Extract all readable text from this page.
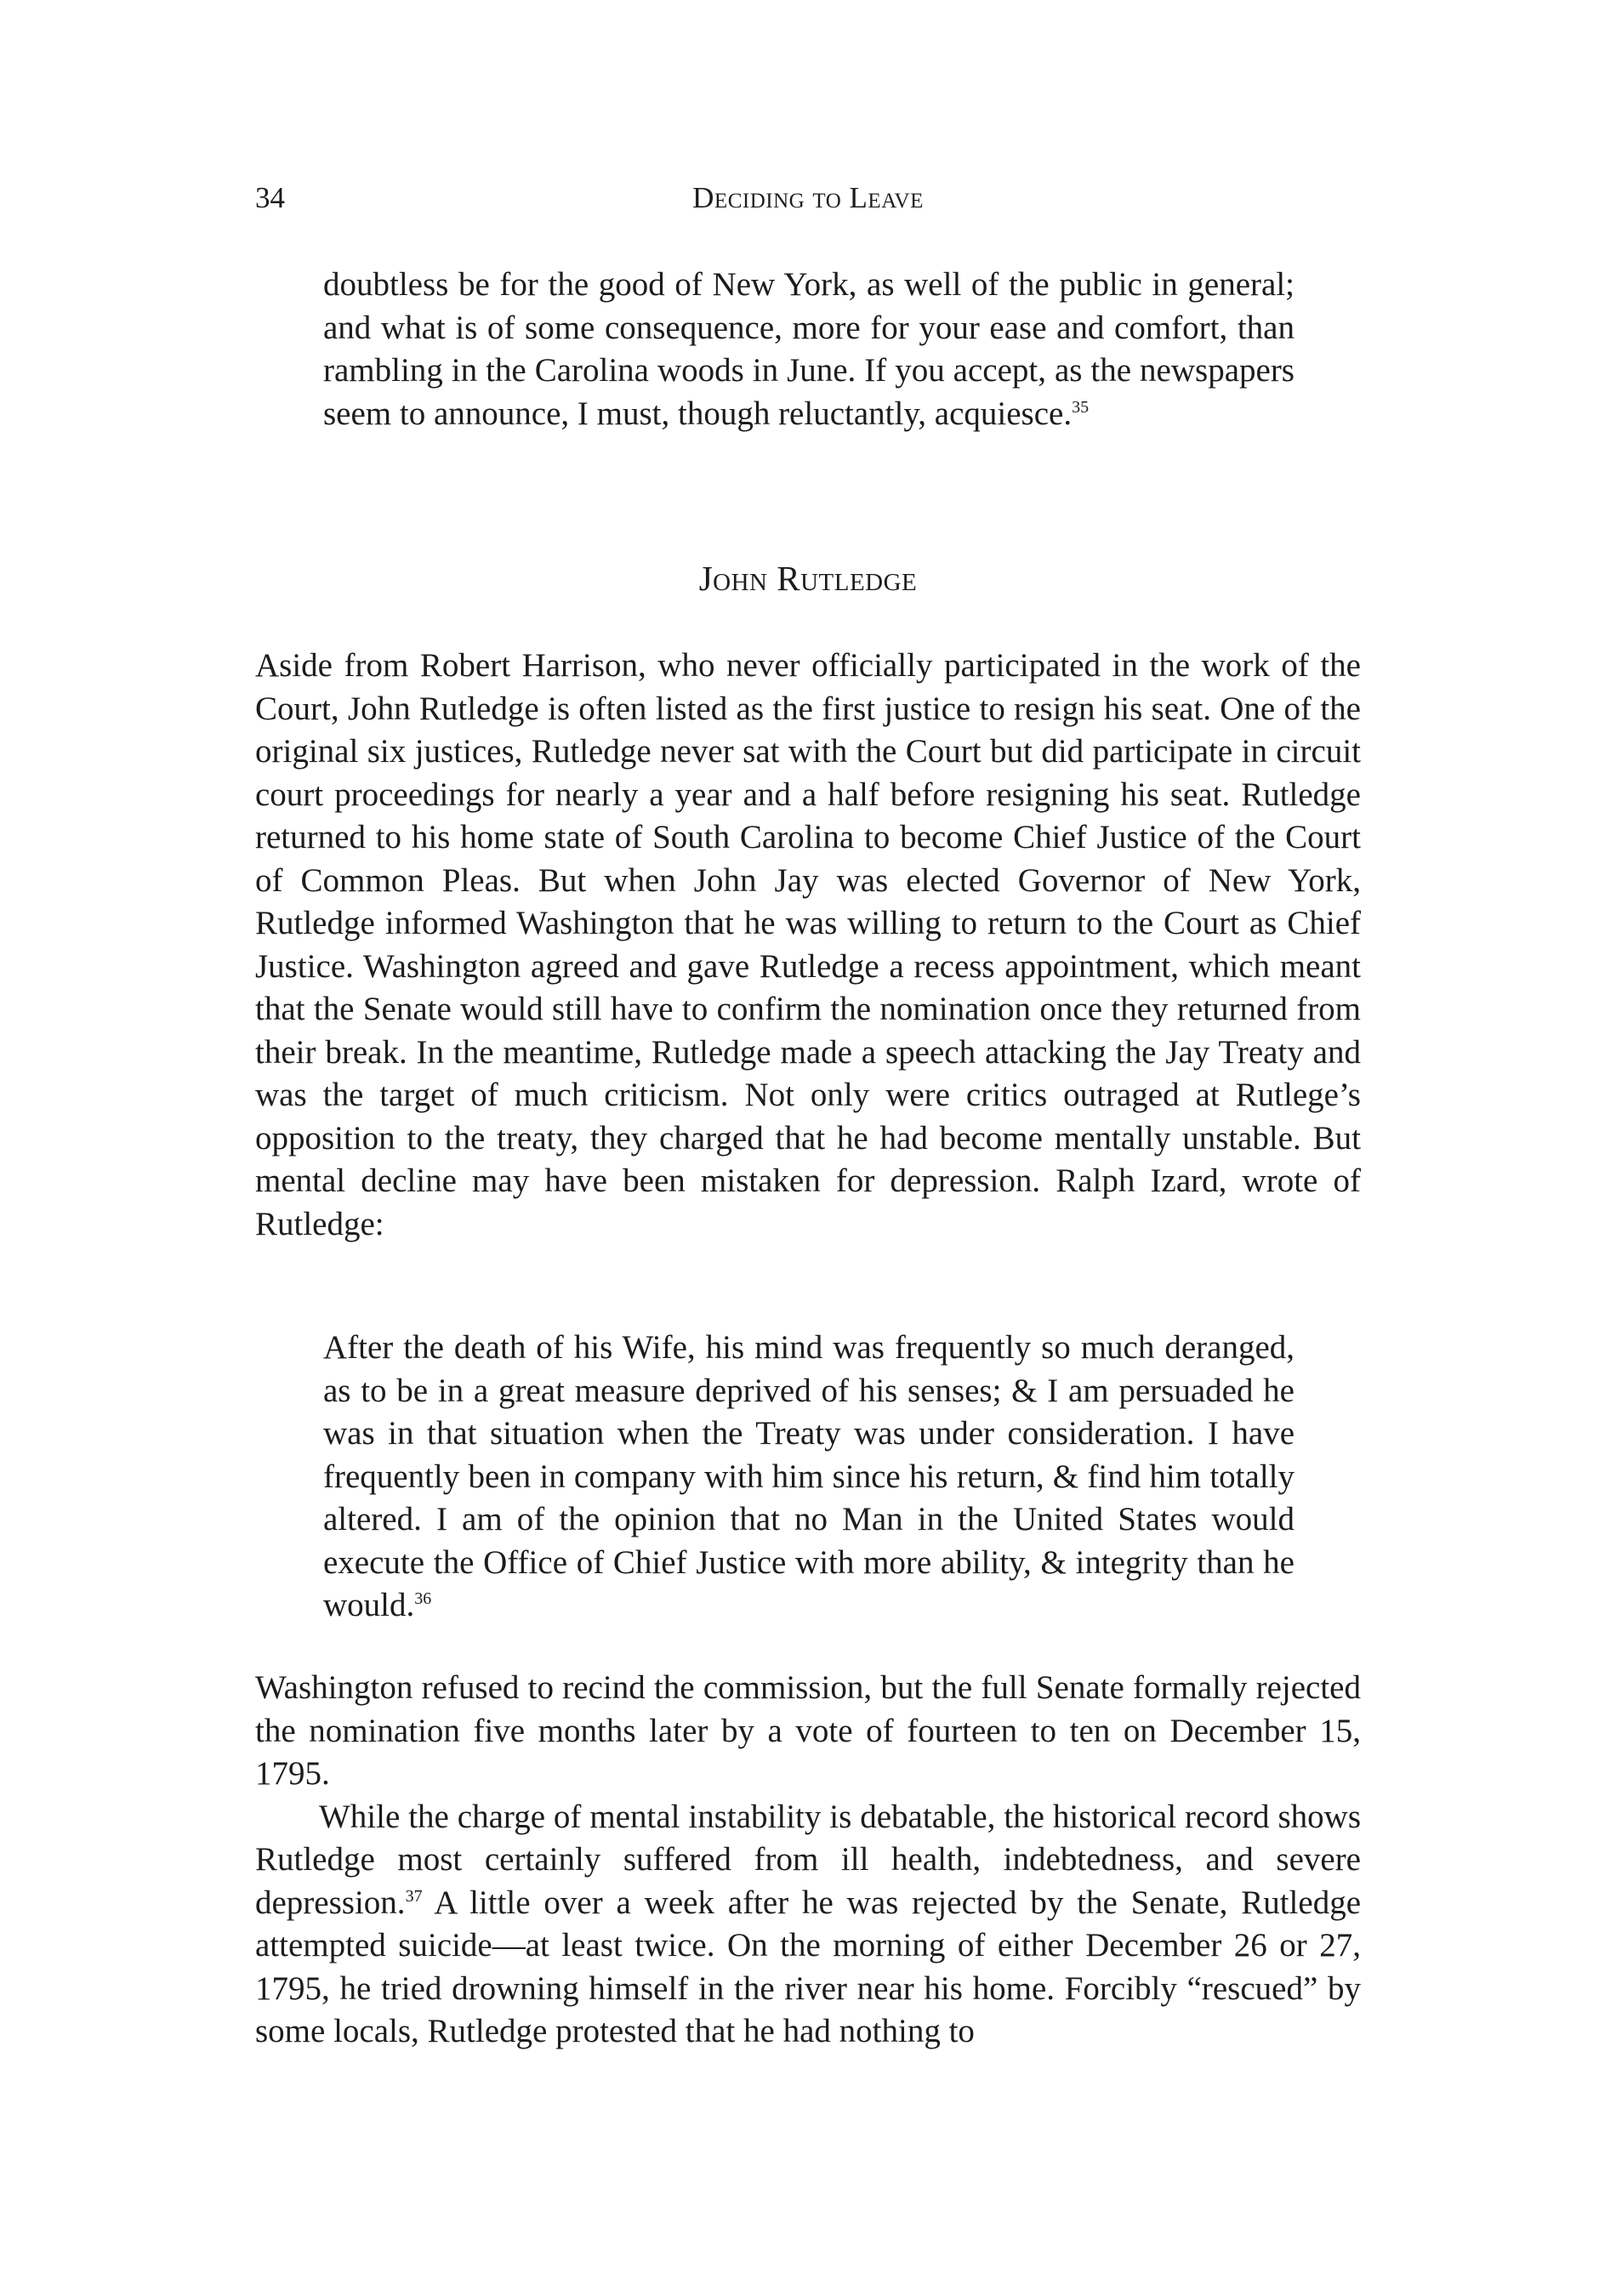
34	Deciding to Leave
doubtless be for the good of New York, as well of the public in general; and what is of some consequence, more for your ease and comfort, than rambling in the Carolina woods in June. If you accept, as the newspapers seem to announce, I must, though reluctantly, acquiesce.$^{35}$
John Rutledge

Aside from Robert Harrison, who never officially participated in the work of the Court, John Rutledge is often listed as the first justice to resign his seat. One of the original six justices, Rutledge never sat with the Court but did participate in circuit court proceedings for nearly a year and a half before resigning his seat. Rutledge returned to his home state of South Carolina to become Chief Justice of the Court of Common Pleas. But when John Jay was elected Governor of New York, Rutledge informed Washington that he was willing to return to the Court as Chief Justice. Washington agreed and gave Rutledge a recess appointment, which meant that the Senate would still have to confirm the nomination once they returned from their break. In the meantime, Rutledge made a speech attacking the Jay Treaty and was the target of much criticism. Not only were critics outraged at Rutlege’s opposition to the treaty, they charged that he had become mentally unstable. But mental decline may have been mistaken for depression. Ralph Izard, wrote of Rutledge:

After the death of his Wife, his mind was frequently so much deranged, as to be in a great measure deprived of his senses; & I am persuaded he was in that situation when the Treaty was under consideration. I have frequently been in company with him since his return, & find him totally altered. I am of the opinion that no Man in the United States would execute the Office of Chief Justice with more ability, & integrity than he would.$^{36}$

Washington refused to recind the commission, but the full Senate formally rejected the nomination five months later by a vote of fourteen to ten on December 15, 1795.

While the charge of mental instability is debatable, the historical record shows Rutledge most certainly suffered from ill health, indebtedness, and severe depression.$^{37}$ A little over a week after he was rejected by the Senate, Rutledge attempted suicide—at least twice. On the morning of either December 26 or 27, 1795, he tried drowning himself in the river near his home. Forcibly “rescued” by some locals, Rutledge protested that he had nothing to
